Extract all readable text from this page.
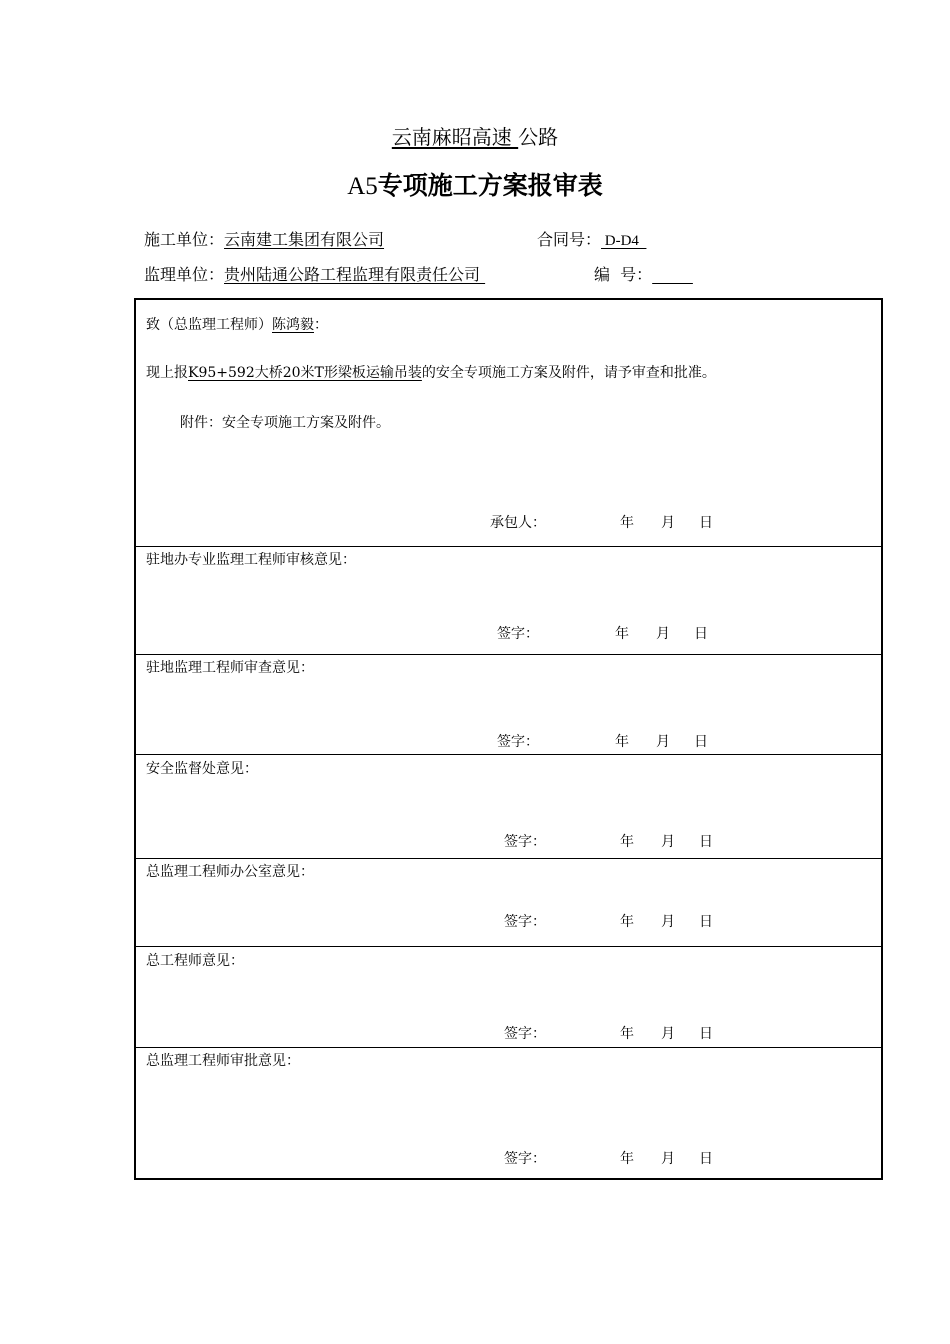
云南麻昭高速 公路
A5专项施工方案报审表
施工单位：云南建工集团有限公司	合同号： D-D4
监理单位：贵州陆通公路工程监理有限责任公司	编  号：
致（总监理工程师）陈鸿毅：
现上报K95+592大桥20米T形梁板运输吊装的安全专项施工方案及附件，请予审查和批准。
附件：安全专项施工方案及附件。
承包人：	年 月 日
驻地办专业监理工程师审核意见：
签字：	年 月 日
驻地监理工程师审查意见：
签字：	年 月 日
安全监督处意见：
签字：	年 月 日
总监理工程师办公室意见：
签字：	年 月 日
总工程师意见：
签字：	年 月 日
总监理工程师审批意见：
签字：	年 月 日
